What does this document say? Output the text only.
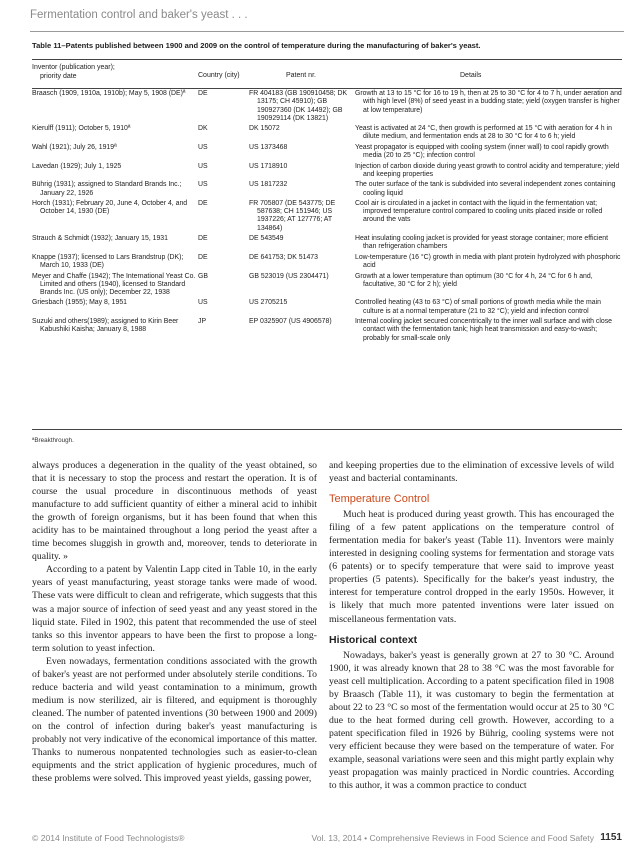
Fermentation control and baker's yeast . . .
Table 11–Patents published between 1900 and 2009 on the control of temperature during the manufacturing of baker's yeast.
Inventor (publication year);
priority date	Country (city)	Patent nr.	Details
Braasch (1909, 1910a, 1910b); May 5, 1908 (DE)ª	DE	FR 404183 (GB 190910458; DK 13175; CH 45910); GB 190927360 (DK 14492); GB 190929114 (DK 13821)	Growth at 13 to 15 °C for 16 to 19 h, then at 25 to 30 °C for 4 to 7 h, under aeration and with high level (8%) of seed yeast in a budding state; yield (oxygen transfer is higher at low temperature)

Kierulff (1911); October 5, 1910ª	DK	DK 15072	Yeast is activated at 24 °C, then growth is performed at 15 °C with aeration for 4 h in dilute medium, and fermentation ends at 28 to 30 °C for 4 to 6 h; yield

Wahl (1921); July 26, 1919ª	US	US 1373468	Yeast propagator is equipped with cooling system (inner wall) to cool rapidly growth media (20 to 25 °C); infection control

Lavedan (1929); July 1, 1925	US	US 1718910	Injection of carbon dioxide during yeast growth to control acidity and temperature; yield and keeping properties

Bührig (1931); assigned to Standard Brands Inc.; January 22, 1926	US	US 1817232	The outer surface of the tank is subdivided into several independent zones containing cooling liquid

Horch (1931); February 20, June 4, October 4, and October 14, 1930 (DE)	DE	FR 705807 (DE 543775; DE 587638; CH 151946; US 1937226; AT 127776; AT 134864)	Cool air is circulated in a jacket in contact with the liquid in the fermentation vat; improved temperature control compared to cooling units placed inside or rolled around the vats

Strauch & Schmidt (1932); January 15, 1931	DE	DE 543549	Heat insulating cooling jacket is provided for yeast storage container; more efficient than refrigeration chambers

Knappe (1937); licensed to Lars Brandstrup (DK); March 10, 1933 (DE)	DE	DE 641753; DK 51473	Low-temperature (16 °C) growth in media with plant protein hydrolyzed with phosphoric acid

Meyer and Chaffe (1942); The International Yeast Co. Limited and others (1940), licensed to Standard Brands Inc. (US only); December 22, 1938	GB	GB 523019 (US 2304471)	Growth at a lower temperature than optimum (30 °C for 4 h, 24 °C for 6 h and, facultative, 30 °C for 2 h); yield

Griesbach (1955); May 8, 1951	US	US 2705215	Controlled heating (43 to 63 °C) of small portions of growth media while the main culture is at a normal temperature (21 to 32 °C); yield and infection control

Suzuki and others(1989); assigned to Kirin Beer Kabushiki Kaisha; January 8, 1988	JP	EP 0325907 (US 4906578)	Internal cooling jacket secured concentrically to the inner wall surface and with close contact with the fermentation tank; high heat transmission and easy-to-wash; probably for small-scale only
ªBreakthrough.

always produces a degeneration in the quality of the yeast obtained, so that it is necessary to stop the process and restart the operation. It is of course the usual procedure in discontinuous methods of yeast manufacture to add sufficient quantity of either a mineral acid to inhibit the growth of foreign organisms, but it has been found that when this acidity has to be maintained throughout a long period the yeast after a time becomes sluggish in growth and, moreover, tends to deteriorate in quality. »

According to a patent by Valentin Lapp cited in Table 10, in the early years of yeast manufacturing, yeast storage tanks were made of wood. These vats were difficult to clean and refrigerate, which suggests that this was a major source of infection of seed yeast and any yeast stored in the liquid state. Filed in 1902, this patent that recommended the use of steel tanks so this inventor appears to have been the first to propose a long-term solution to yeast infection.

Even nowadays, fermentation conditions associated with the growth of baker's yeast are not performed under absolutely sterile conditions. To reduce bacteria and wild yeast contamination to a minimum, growth medium is now sterilized, air is filtered, and equipment is thoroughly cleaned. The number of patented inventions (30 between 1900 and 2009) on the control of infection during baker's yeast manufacturing is probably not very indicative of the economical importance of this matter. Thanks to numerous nonpatented technologies such as easier-to-clean equipments and the strict application of hygienic procedures, much of these problems were solved. This improved yeast yields, gassing power,

and keeping properties due to the elimination of excessive levels of wild yeast and bacterial contaminants.

Temperature Control

Much heat is produced during yeast growth. This has encouraged the filing of a few patent applications on the temperature control of fermentation media for baker's yeast (Table 11). Inventors were mainly interested in designing cooling systems for fermentation and storage vats (6 patents) or to specify temperature that were said to improve yeast properties (5 patents). Specifically for the baker's yeast industry, the interest for temperature control dropped in the early 1950s. However, it is likely that much more patented inventions were later issued on miscellaneous fermentation vats.

Historical context

Nowadays, baker's yeast is generally grown at 27 to 30 °C. Around 1900, it was already known that 28 to 38 °C was the most favorable for yeast cell multiplication. According to a patent specification filed in 1908 by Braasch (Table 11), it was customary to begin the fermentation at about 22 to 23 °C so most of the fermentation would occur at 25 to 30 °C due to the heat formed during cell growth. However, according to a patent specification filed in 1926 by Bührig, cooling systems were not very efficient because they were based on the temperature of water. For example, seasonal variations were seen and this might partly explain why yeast propagation was mainly practiced in Nordic countries. According to this author, it was a common practice to conduct

© 2014 Institute of Food Technologists®	Vol. 13, 2014 • Comprehensive Reviews in Food Science and Food Safety 1151
